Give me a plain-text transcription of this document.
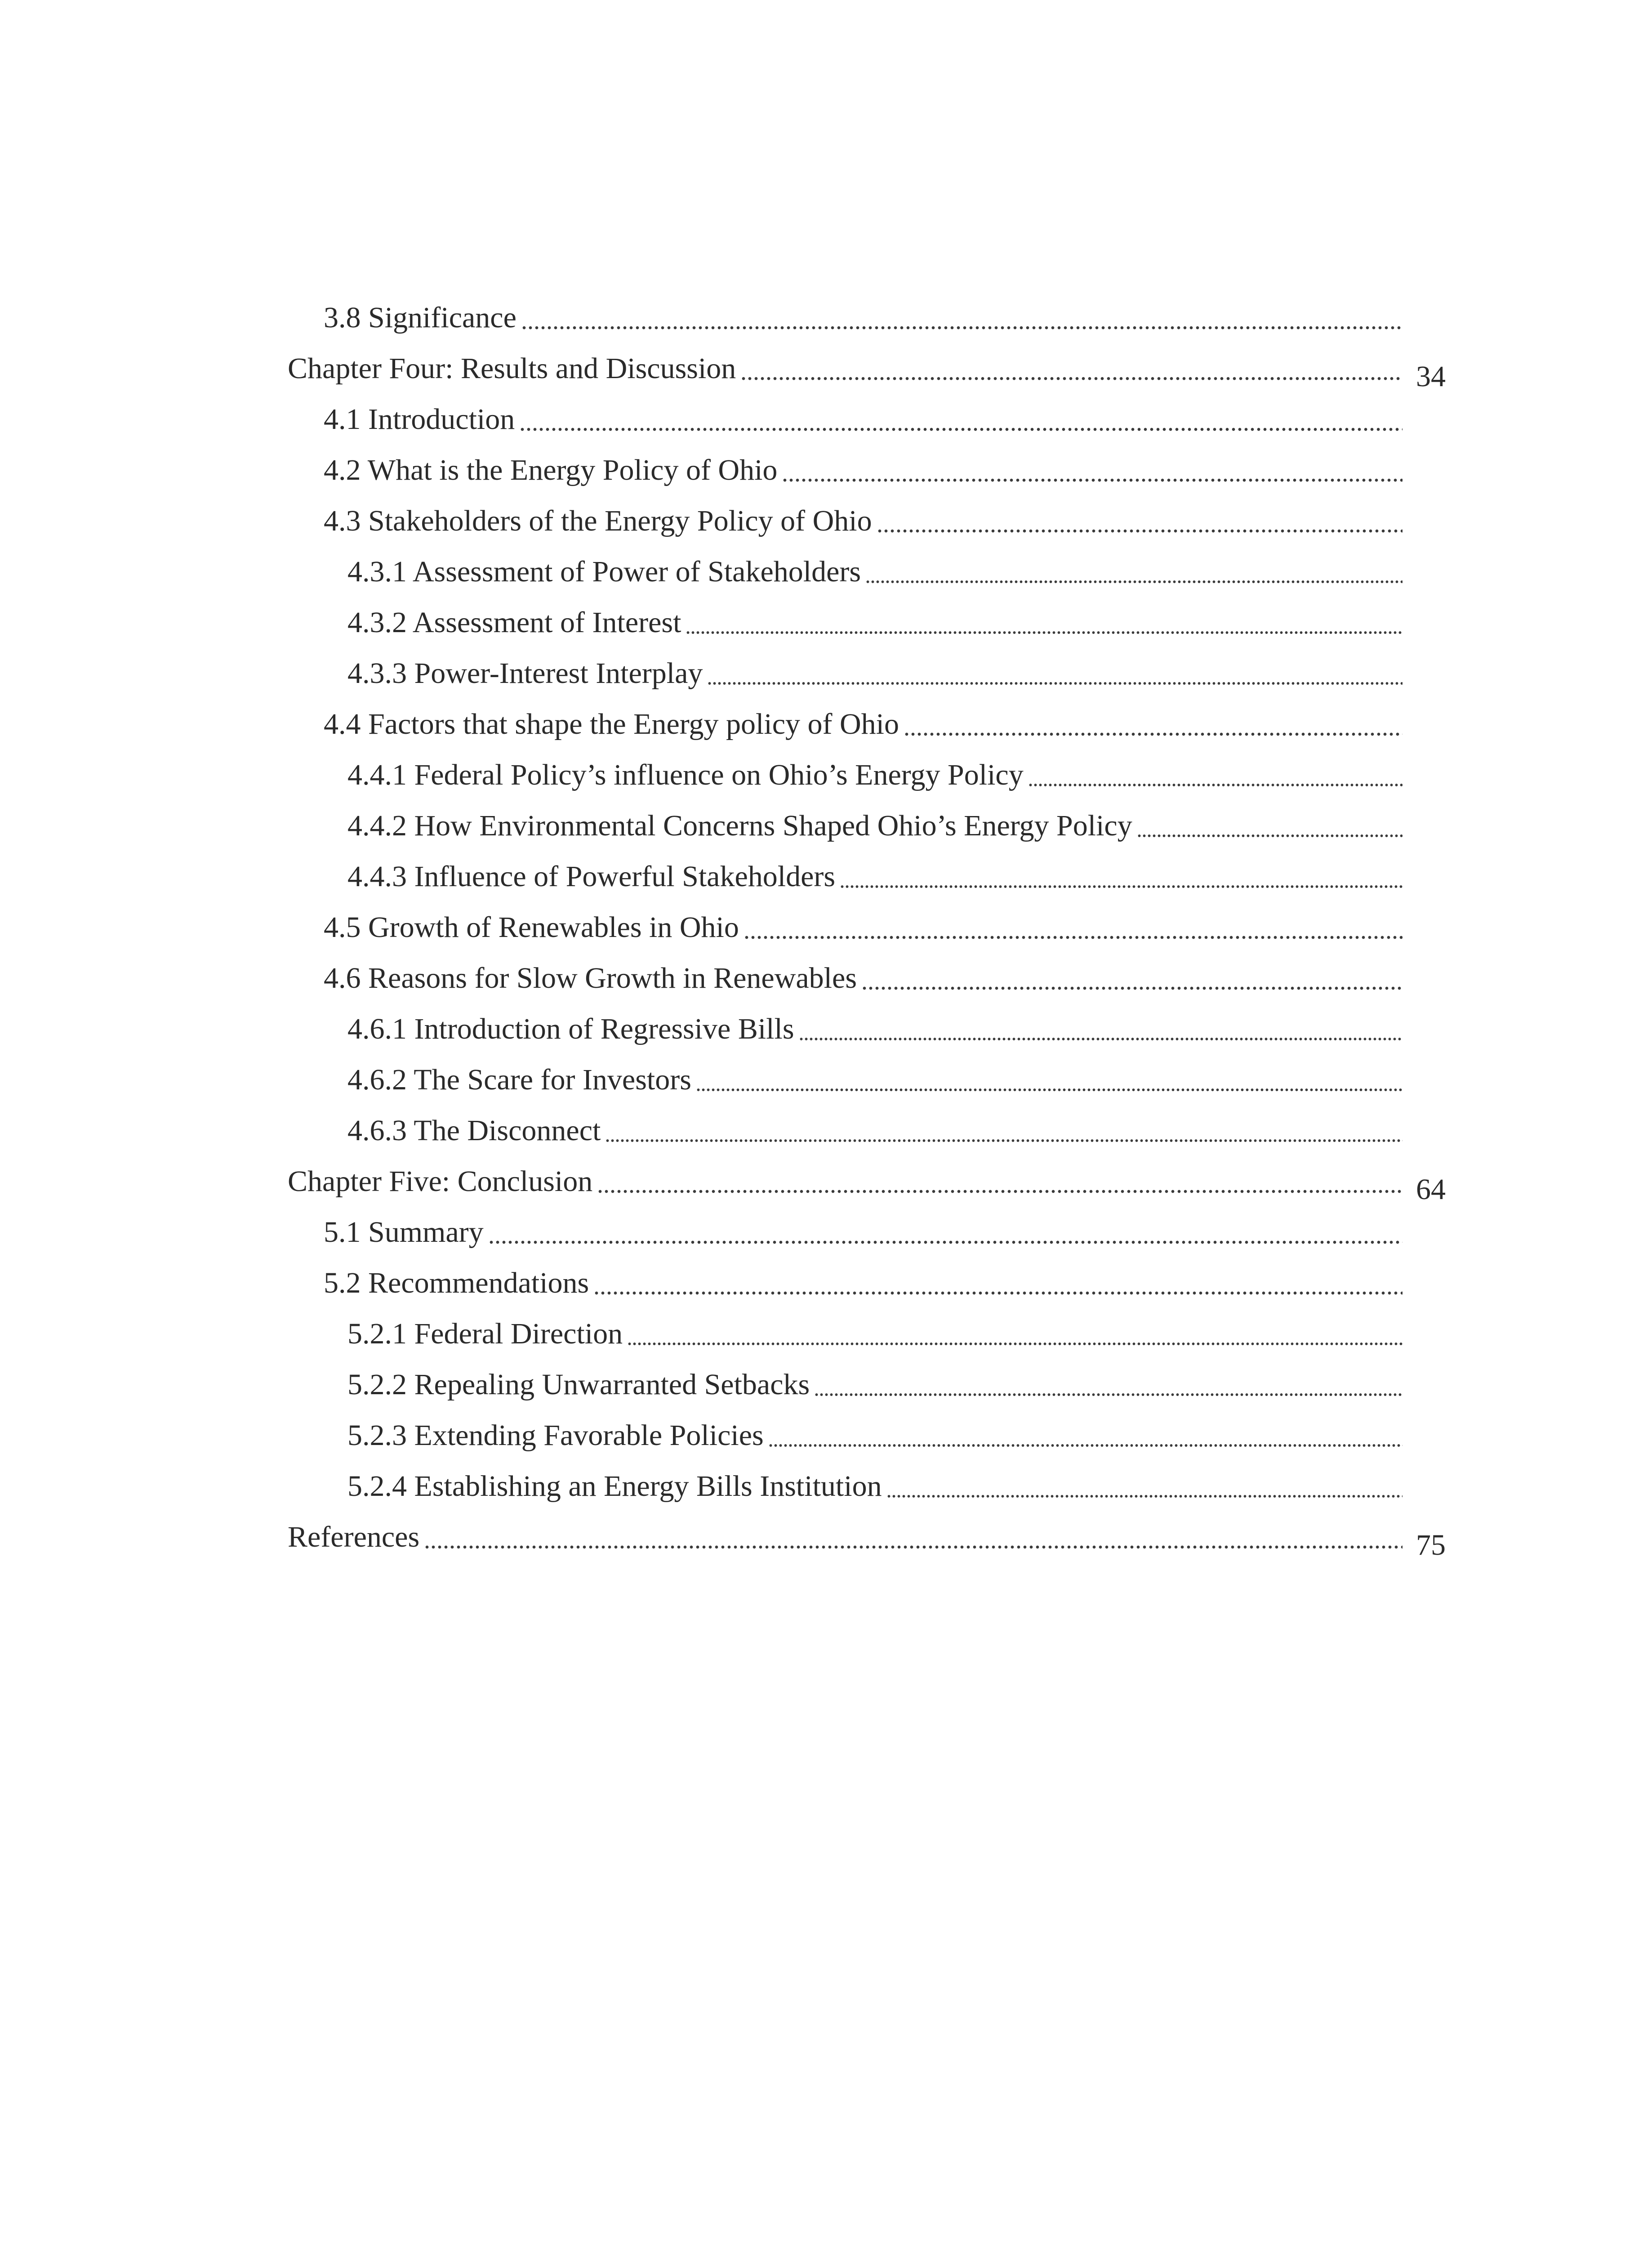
3.8 Significance
Chapter Four: Results and Discussion	34
4.1 Introduction
4.2 What is the Energy Policy of Ohio
4.3 Stakeholders of the Energy Policy of Ohio
4.3.1 Assessment of Power of Stakeholders
4.3.2 Assessment of Interest
4.3.3 Power-Interest Interplay
4.4 Factors that shape the Energy policy of Ohio
4.4.1 Federal Policy’s influence on Ohio’s Energy Policy
4.4.2 How Environmental Concerns Shaped Ohio’s Energy Policy
4.4.3 Influence of Powerful Stakeholders
4.5 Growth of Renewables in Ohio
4.6 Reasons for Slow Growth in Renewables
4.6.1 Introduction of Regressive Bills
4.6.2 The Scare for Investors
4.6.3 The Disconnect
Chapter Five: Conclusion	64
5.1 Summary
5.2 Recommendations
5.2.1 Federal Direction
5.2.2 Repealing Unwarranted Setbacks
5.2.3 Extending Favorable Policies
5.2.4 Establishing an Energy Bills Institution
References	75
